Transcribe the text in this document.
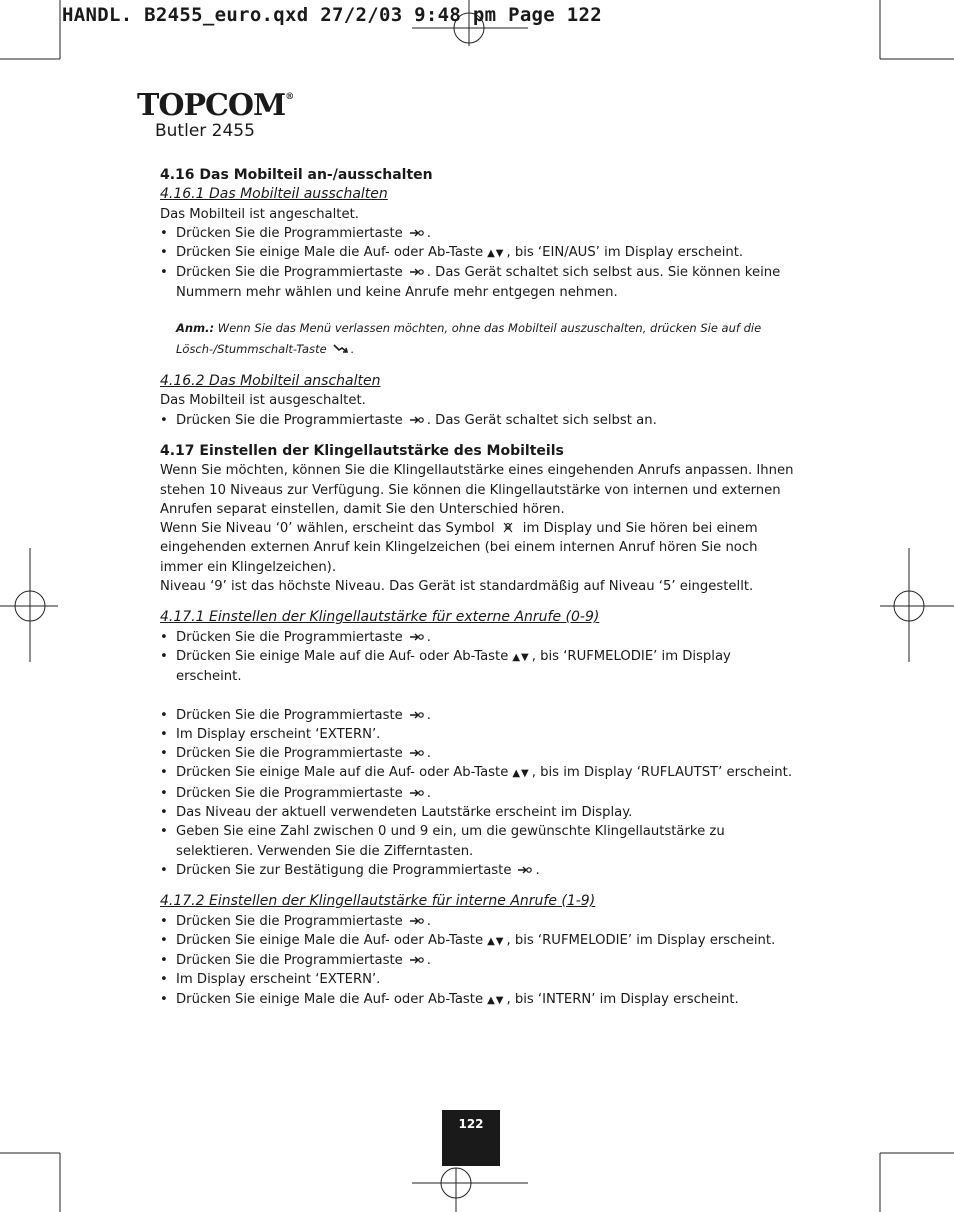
HANDL. B2455_euro.qxd 27/2/03 9:48 pm Page 122
TOPCOM®
Butler 2455

4.16 Das Mobilteil an-/ausschalten

4.16.1 Das Mobilteil ausschalten

Das Mobilteil ist angeschaltet.

• Drücken Sie die Programmiertaste .
• Drücken Sie einige Male die Auf- oder Ab-Taste ▲▼ , bis ‘EIN/AUS’ im Display erscheint.
• Drücken Sie die Programmiertaste . Das Gerät schaltet sich selbst aus. Sie können keine Nummern mehr wählen und keine Anrufe mehr entgegen nehmen.

Anm.: Wenn Sie das Menü verlassen möchten, ohne das Mobilteil auszuschalten, drücken Sie auf die Lösch-/Stummschalt-Taste .

4.16.2 Das Mobilteil anschalten

Das Mobilteil ist ausgeschaltet.

• Drücken Sie die Programmiertaste . Das Gerät schaltet sich selbst an.

4.17 Einstellen der Klingellautstärke des Mobilteils

Wenn Sie möchten, können Sie die Klingellautstärke eines eingehenden Anrufs anpassen. Ihnen stehen 10 Niveaus zur Verfügung. Sie können die Klingellautstärke von internen und externen Anrufen separat einstellen, damit Sie den Unterschied hören.

Wenn Sie Niveau ‘0’ wählen, erscheint das Symbol im Display und Sie hören bei einem eingehenden externen Anruf kein Klingelzeichen (bei einem internen Anruf hören Sie noch immer ein Klingelzeichen).

Niveau ‘9’ ist das höchste Niveau. Das Gerät ist standardmäßig auf Niveau ‘5’ eingestellt.

4.17.1 Einstellen der Klingellautstärke für externe Anrufe (0-9)

• Drücken Sie die Programmiertaste .
• Drücken Sie einige Male auf die Auf- oder Ab-Taste ▲▼ , bis ‘RUFMELODIE’ im Display erscheint.
• Drücken Sie die Programmiertaste .
• Im Display erscheint ‘EXTERN’.
• Drücken Sie die Programmiertaste .
• Drücken Sie einige Male auf die Auf- oder Ab-Taste ▲▼ , bis im Display ‘RUFLAUTST’ erscheint.
• Drücken Sie die Programmiertaste .
• Das Niveau der aktuell verwendeten Lautstärke erscheint im Display.
• Geben Sie eine Zahl zwischen 0 und 9 ein, um die gewünschte Klingellautstärke zu selektieren. Verwenden Sie die Zifferntasten.
• Drücken Sie zur Bestätigung die Programmiertaste .

4.17.2 Einstellen der Klingellautstärke für interne Anrufe (1-9)

• Drücken Sie die Programmiertaste .
• Drücken Sie einige Male die Auf- oder Ab-Taste ▲▼ , bis ‘RUFMELODIE’ im Display erscheint.
• Drücken Sie die Programmiertaste .
• Im Display erscheint ‘EXTERN’.
• Drücken Sie einige Male die Auf- oder Ab-Taste ▲▼ , bis ‘INTERN’ im Display erscheint.
122
